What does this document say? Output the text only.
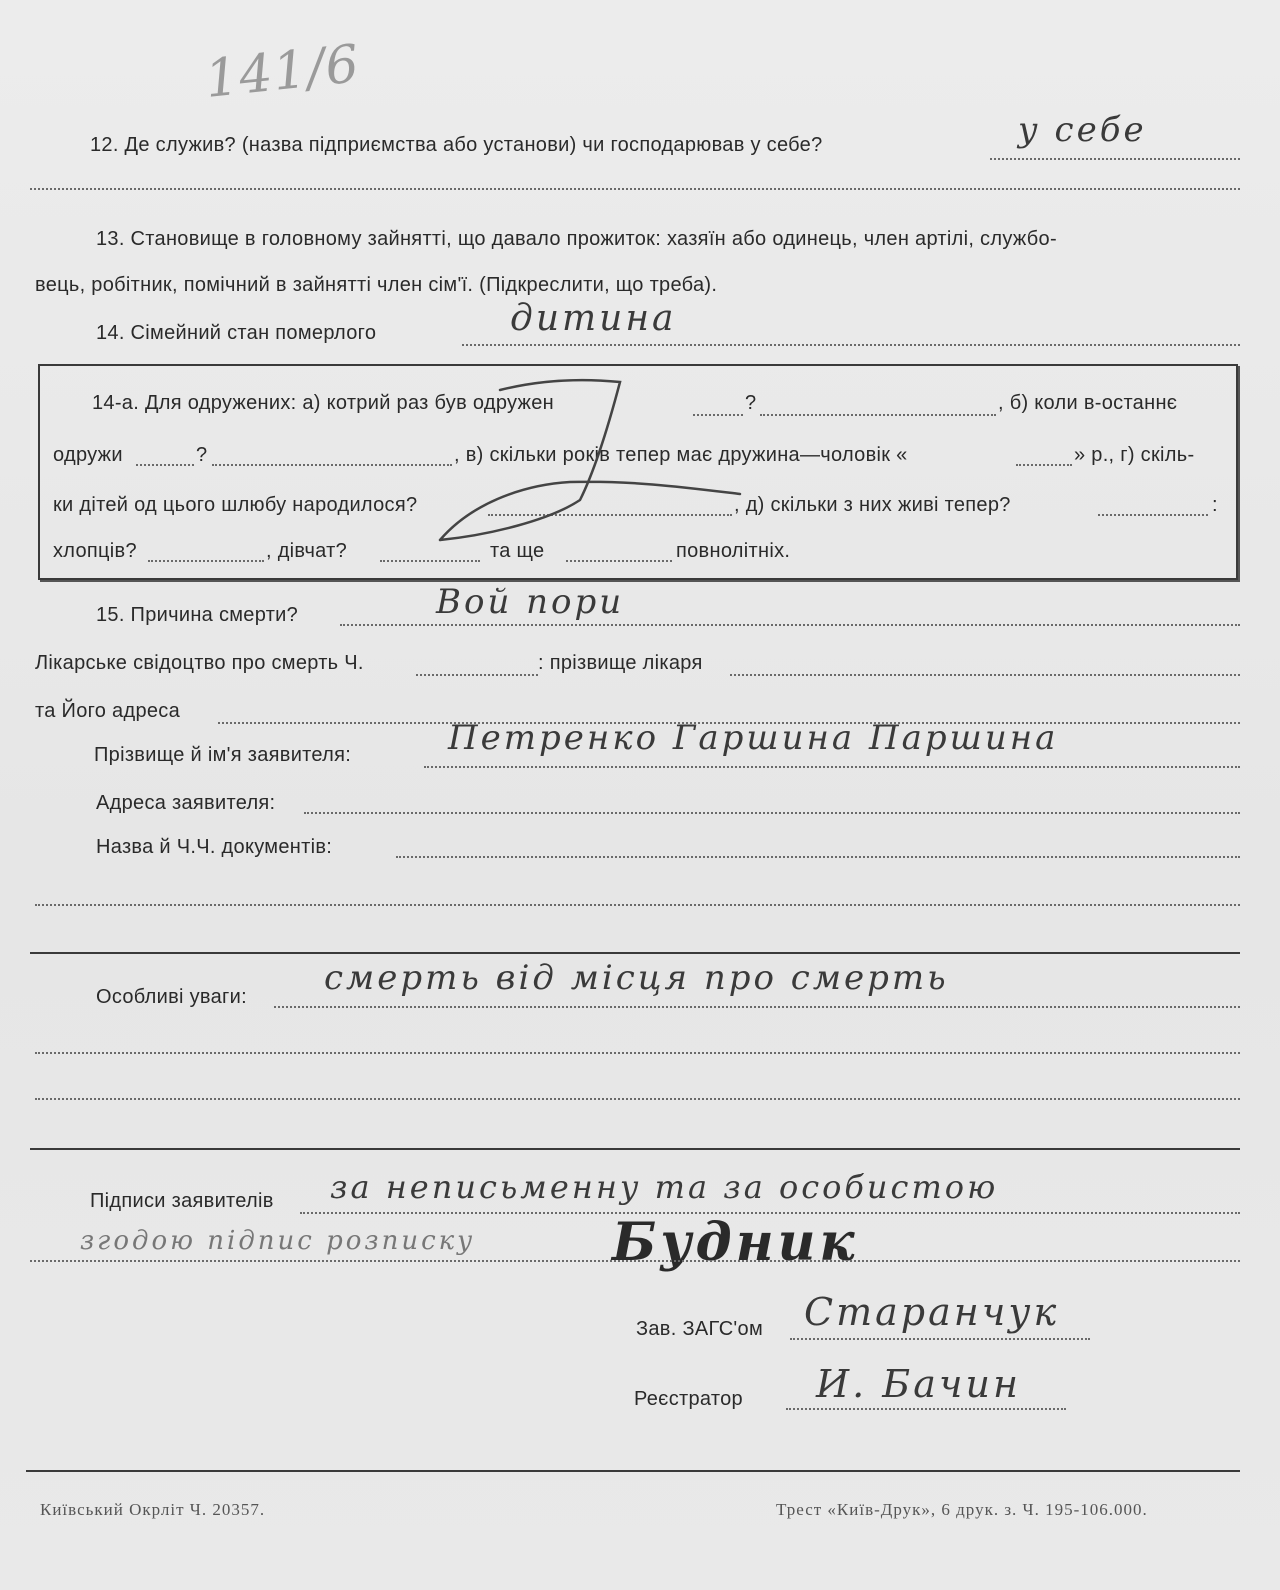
141/6
12. Де служив? (назва підприємства або установи) чи господарював у себе?	у себе
13. Становище в головному зайнятті, що давало прожиток: хазяїн або одинець, член артілі, службо-
вець, робітник, помічний в зайнятті член сім'ї. (Підкреслити, що треба).
14. Сімейний стан померлого	дитина
14-а. Для одружених: а) котрий раз був одружен	?	, б) коли в-останнє
одружи	?	, в) скільки років тепер має дружина—чоловік «	» р., г) скіль-
ки дітей од цього шлюбу народилося?	, д) скільки з них живі тепер?	:
хлопців?	, дівчат?	та ще	повнолітніх.
15. Причина смерти?	Вой пори
Лікарське свідоцтво про смерть Ч.	: прізвище лікаря
та Його адреса
Прізвище й ім'я заявителя:	Петренко Гаршина Паршина
Адреса заявителя:
Назва й Ч.Ч. документів:
Особливі уваги: смерть від місця про смерть
Підписи заявителів за неписьменну та за особистою
згодою підпис розписку	Будник
Зав. ЗАГС'ом Старанчук
Реєстратор И. Бачин
Київський Окрліт Ч. 20357.	Трест «Київ-Друк», 6 друк. з. Ч. 195-106.000.
